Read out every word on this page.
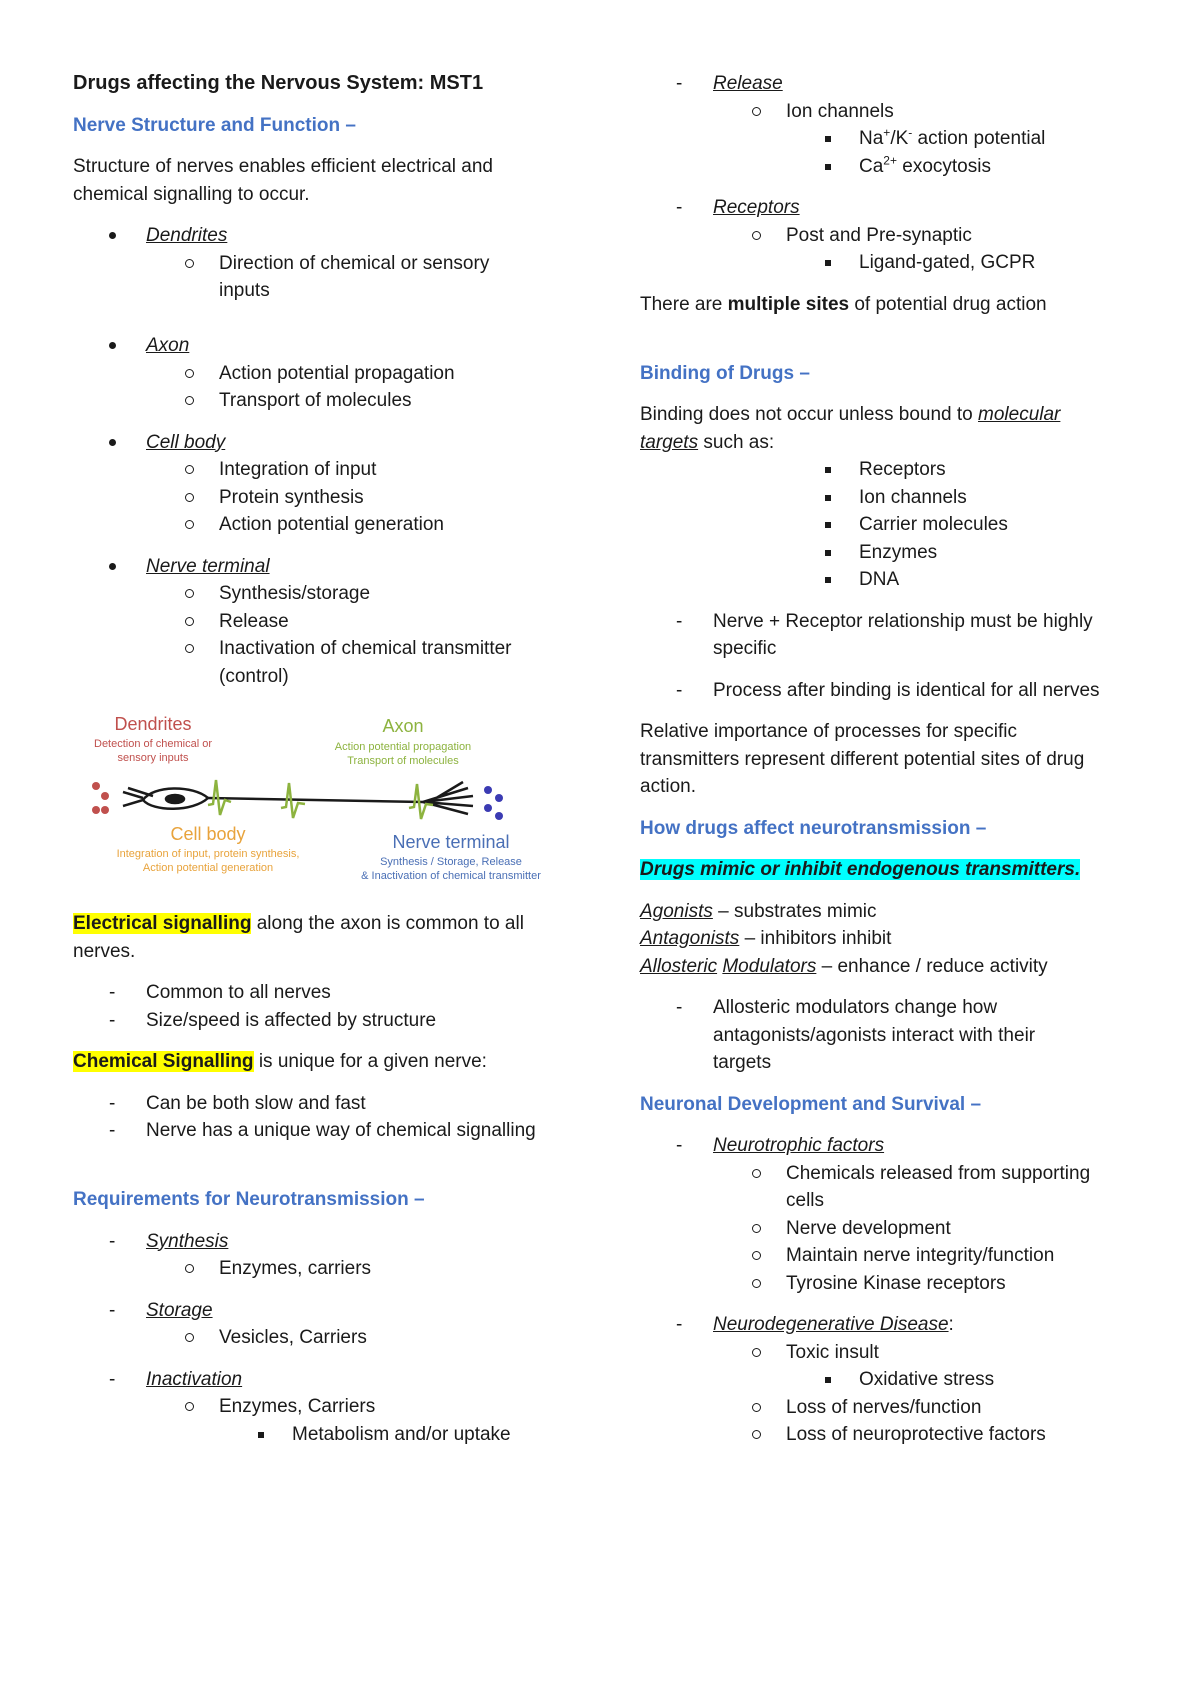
Drugs affecting the Nervous System: MST1
Nerve Structure and Function –
Structure of nerves enables efficient electrical and
chemical signalling to occur.
Dendrites
Direction of chemical or sensory
inputs
Axon
Action potential propagation
Transport of molecules
Cell body
Integration of input
Protein synthesis
Action potential generation
Nerve terminal
Synthesis/storage
Release
Inactivation of chemical transmitter
(control)
Dendrites
Detection of chemical or
sensory inputs
Axon
Action potential propagation
Transport of molecules
Cell body
Integration of input, protein synthesis,
Action potential generation
Nerve terminal
Synthesis / Storage, Release
& Inactivation of chemical transmitter
Electrical signalling along the axon is common to all
nerves.
- Common to all nerves
- Size/speed is affected by structure
Chemical Signalling is unique for a given nerve:
- Can be both slow and fast
- Nerve has a unique way of chemical signalling
Requirements for Neurotransmission –
- Synthesis
Enzymes, carriers
- Storage
Vesicles, Carriers
- Inactivation
Enzymes, Carriers
Metabolism and/or uptake
- Release
Ion channels
Na+/K- action potential
$Ca^{2+}$ exocytosis
- Receptors
Post and Pre-synaptic
Ligand-gated, GCPR
There are multiple sites of potential drug action
Binding of Drugs –
Binding does not occur unless bound to molecular
targets such as:
Receptors
Ion channels
Carrier molecules
Enzymes
DNA
- Nerve + Receptor relationship must be highly
specific
- Process after binding is identical for all nerves
Relative importance of processes for specific
transmitters represent different potential sites of drug
action.
How drugs affect neurotransmission –
Drugs mimic or inhibit endogenous transmitters.
Agonists – substrates mimic
Antagonists – inhibitors inhibit
Allosteric Modulators – enhance / reduce activity
- Allosteric modulators change how
antagonists/agonists interact with their
targets
Neuronal Development and Survival –
- Neurotrophic factors
Chemicals released from supporting
cells
Nerve development
Maintain nerve integrity/function
Tyrosine Kinase receptors
- Neurodegenerative Disease:
Toxic insult
Oxidative stress
Loss of nerves/function
Loss of neuroprotective factors
